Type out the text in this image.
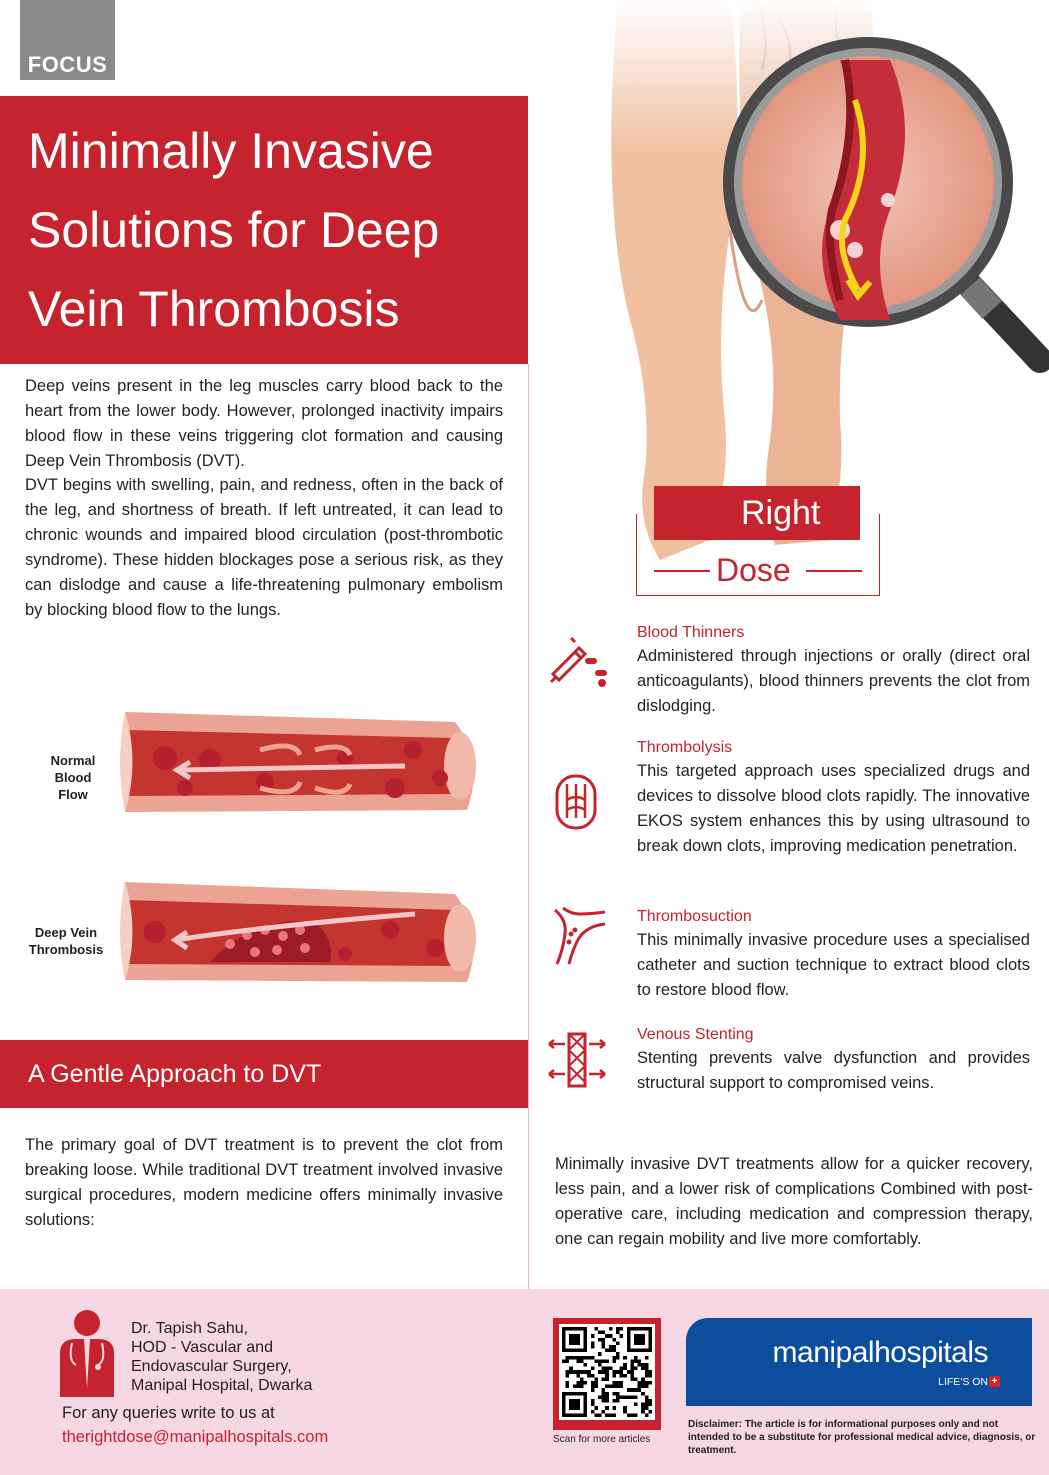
FOCUS
Minimally Invasive Solutions for Deep Vein Thrombosis

Deep veins present in the leg muscles carry blood back to the heart from the lower body. However, prolonged inactivity impairs blood flow in these veins triggering clot formation and causing Deep Vein Thrombosis (DVT).

DVT begins with swelling, pain, and redness, often in the back of the leg, and shortness of breath. If left untreated, it can lead to chronic wounds and impaired blood circulation (post-thrombotic syndrome). These hidden blockages pose a serious risk, as they can dislodge and cause a life-threatening pulmonary embolism by blocking blood flow to the lungs.

Normal Blood Flow
Deep Vein Thrombosis
A Gentle Approach to DVT

The primary goal of DVT treatment is to prevent the clot from breaking loose. While traditional DVT treatment involved invasive surgical procedures, modern medicine offers minimally invasive solutions:

Right
Dose
Blood Thinners

Administered through injections or orally (direct oral anticoagulants), blood thinners prevents the clot from dislodging.

Thrombolysis

This targeted approach uses specialized drugs and devices to dissolve blood clots rapidly. The innovative EKOS system enhances this by using ultrasound to break down clots, improving medication penetration.

Thrombosuction

This minimally invasive procedure uses a specialised catheter and suction technique to extract blood clots to restore blood flow.

Venous Stenting

Stenting prevents valve dysfunction and provides structural support to compromised veins.

Minimally invasive DVT treatments allow for a quicker recovery, less pain, and a lower risk of complications Combined with post-operative care, including medication and compression therapy, one can regain mobility and live more comfortably.

Dr. Tapish Sahu,
HOD - Vascular and
Endovascular Surgery,
Manipal Hospital, Dwarka
For any queries write to us at
therightdose@manipalhospitals.com	Scan for more articles
manipalhospitals
LIFE'S ON +
Disclaimer: The article is for informational purposes only and not intended to be a substitute for professional medical advice, diagnosis, or treatment.
